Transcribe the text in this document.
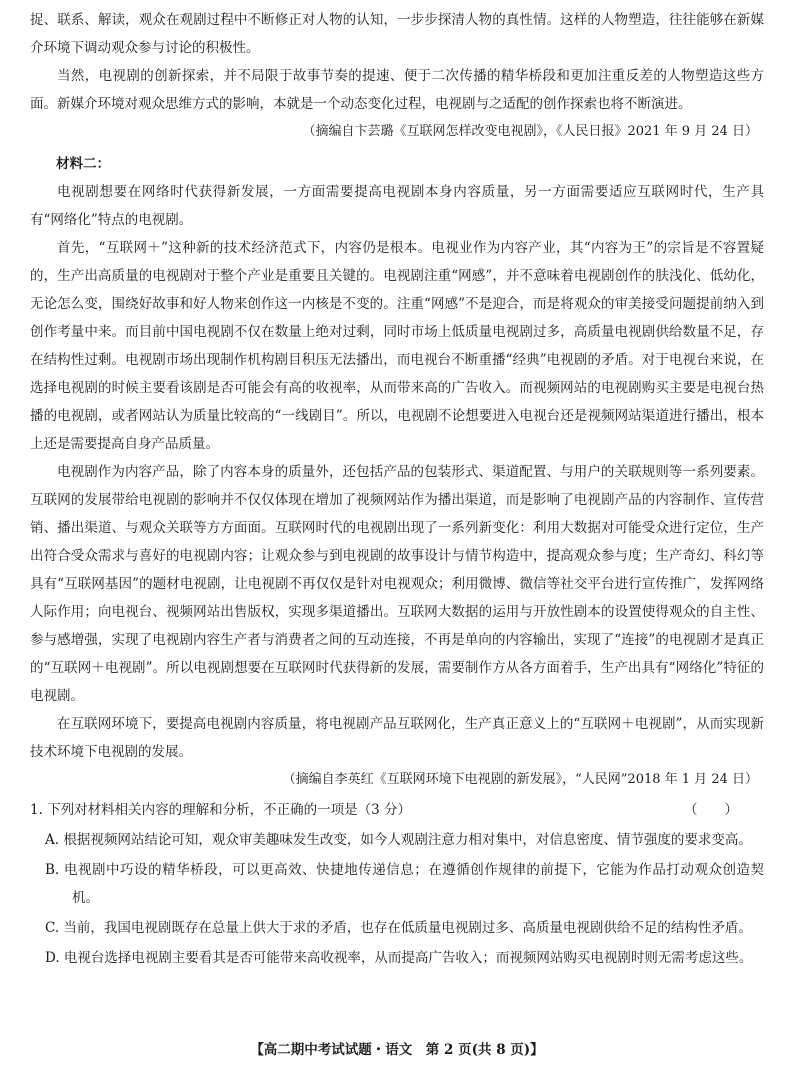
捉、联系、解读，观众在观剧过程中不断修正对人物的认知，一步步探清人物的真性情。这样的人物塑造，往往能够在新媒介环境下调动观众参与讨论的积极性。

当然，电视剧的创新探索，并不局限于故事节奏的提速、便于二次传播的精华桥段和更加注重反差的人物塑造这些方面。新媒介环境对观众思维方式的影响，本就是一个动态变化过程，电视剧与之适配的创作探索也将不断演进。

（摘编自卞芸璐《互联网怎样改变电视剧》，《人民日报》2021 年 9 月 24 日）

材料二：

电视剧想要在网络时代获得新发展，一方面需要提高电视剧本身内容质量，另一方面需要适应互联网时代，生产具有“网络化”特点的电视剧。

首先，“互联网＋”这种新的技术经济范式下，内容仍是根本。电视业作为内容产业，其“内容为王”的宗旨是不容置疑的，生产出高质量的电视剧对于整个产业是重要且关键的。电视剧注重“网感”，并不意味着电视剧创作的肤浅化、低幼化，无论怎么变，围绕好故事和好人物来创作这一内核是不变的。注重“网感”不是迎合，而是将观众的审美接受问题提前纳入到创作考量中来。而目前中国电视剧不仅在数量上绝对过剩，同时市场上低质量电视剧过多，高质量电视剧供给数量不足，存在结构性过剩。电视剧市场出现制作机构剧目积压无法播出，而电视台不断重播“经典”电视剧的矛盾。对于电视台来说，在选择电视剧的时候主要看该剧是否可能会有高的收视率，从而带来高的广告收入。而视频网站的电视剧购买主要是电视台热播的电视剧，或者网站认为质量比较高的“一线剧目”。所以，电视剧不论想要进入电视台还是视频网站渠道进行播出，根本上还是需要提高自身产品质量。

电视剧作为内容产品，除了内容本身的质量外，还包括产品的包装形式、渠道配置、与用户的关联规则等一系列要素。互联网的发展带给电视剧的影响并不仅仅体现在增加了视频网站作为播出渠道，而是影响了电视剧产品的内容制作、宣传营销、播出渠道、与观众关联等方方面面。互联网时代的电视剧出现了一系列新变化：利用大数据对可能受众进行定位，生产出符合受众需求与喜好的电视剧内容；让观众参与到电视剧的故事设计与情节构造中，提高观众参与度；生产奇幻、科幻等具有“互联网基因”的题材电视剧，让电视剧不再仅仅是针对电视观众；利用微博、微信等社交平台进行宣传推广，发挥网络人际作用；向电视台、视频网站出售版权，实现多渠道播出。互联网大数据的运用与开放性剧本的设置使得观众的自主性、参与感增强，实现了电视剧内容生产者与消费者之间的互动连接，不再是单向的内容输出，实现了“连接”的电视剧才是真正的“互联网＋电视剧”。所以电视剧想要在互联网时代获得新的发展，需要制作方从各方面着手，生产出具有“网络化”特征的电视剧。

在互联网环境下，要提高电视剧内容质量，将电视剧产品互联网化，生产真正意义上的“互联网＋电视剧”，从而实现新技术环境下电视剧的发展。

（摘编自李英红《互联网环境下电视剧的新发展》，“人民网”2018 年 1 月 24 日）

1. 下列对材料相关内容的理解和分析，不正确的一项是（3 分）	（　　）

A. 根据视频网站结论可知，观众审美趣味发生改变，如今人观剧注意力相对集中，对信息密度、情节强度的要求变高。

B. 电视剧中巧设的精华桥段，可以更高效、快捷地传递信息；在遵循创作规律的前提下，它能为作品打动观众创造契机。

C. 当前，我国电视剧既存在总量上供大于求的矛盾，也存在低质量电视剧过多、高质量电视剧供给不足的结构性矛盾。

D. 电视台选择电视剧主要看其是否可能带来高收视率，从而提高广告收入；而视频网站购买电视剧时则无需考虑这些。

【高二期中考试试题・语文　第 2 页(共 8 页)】
